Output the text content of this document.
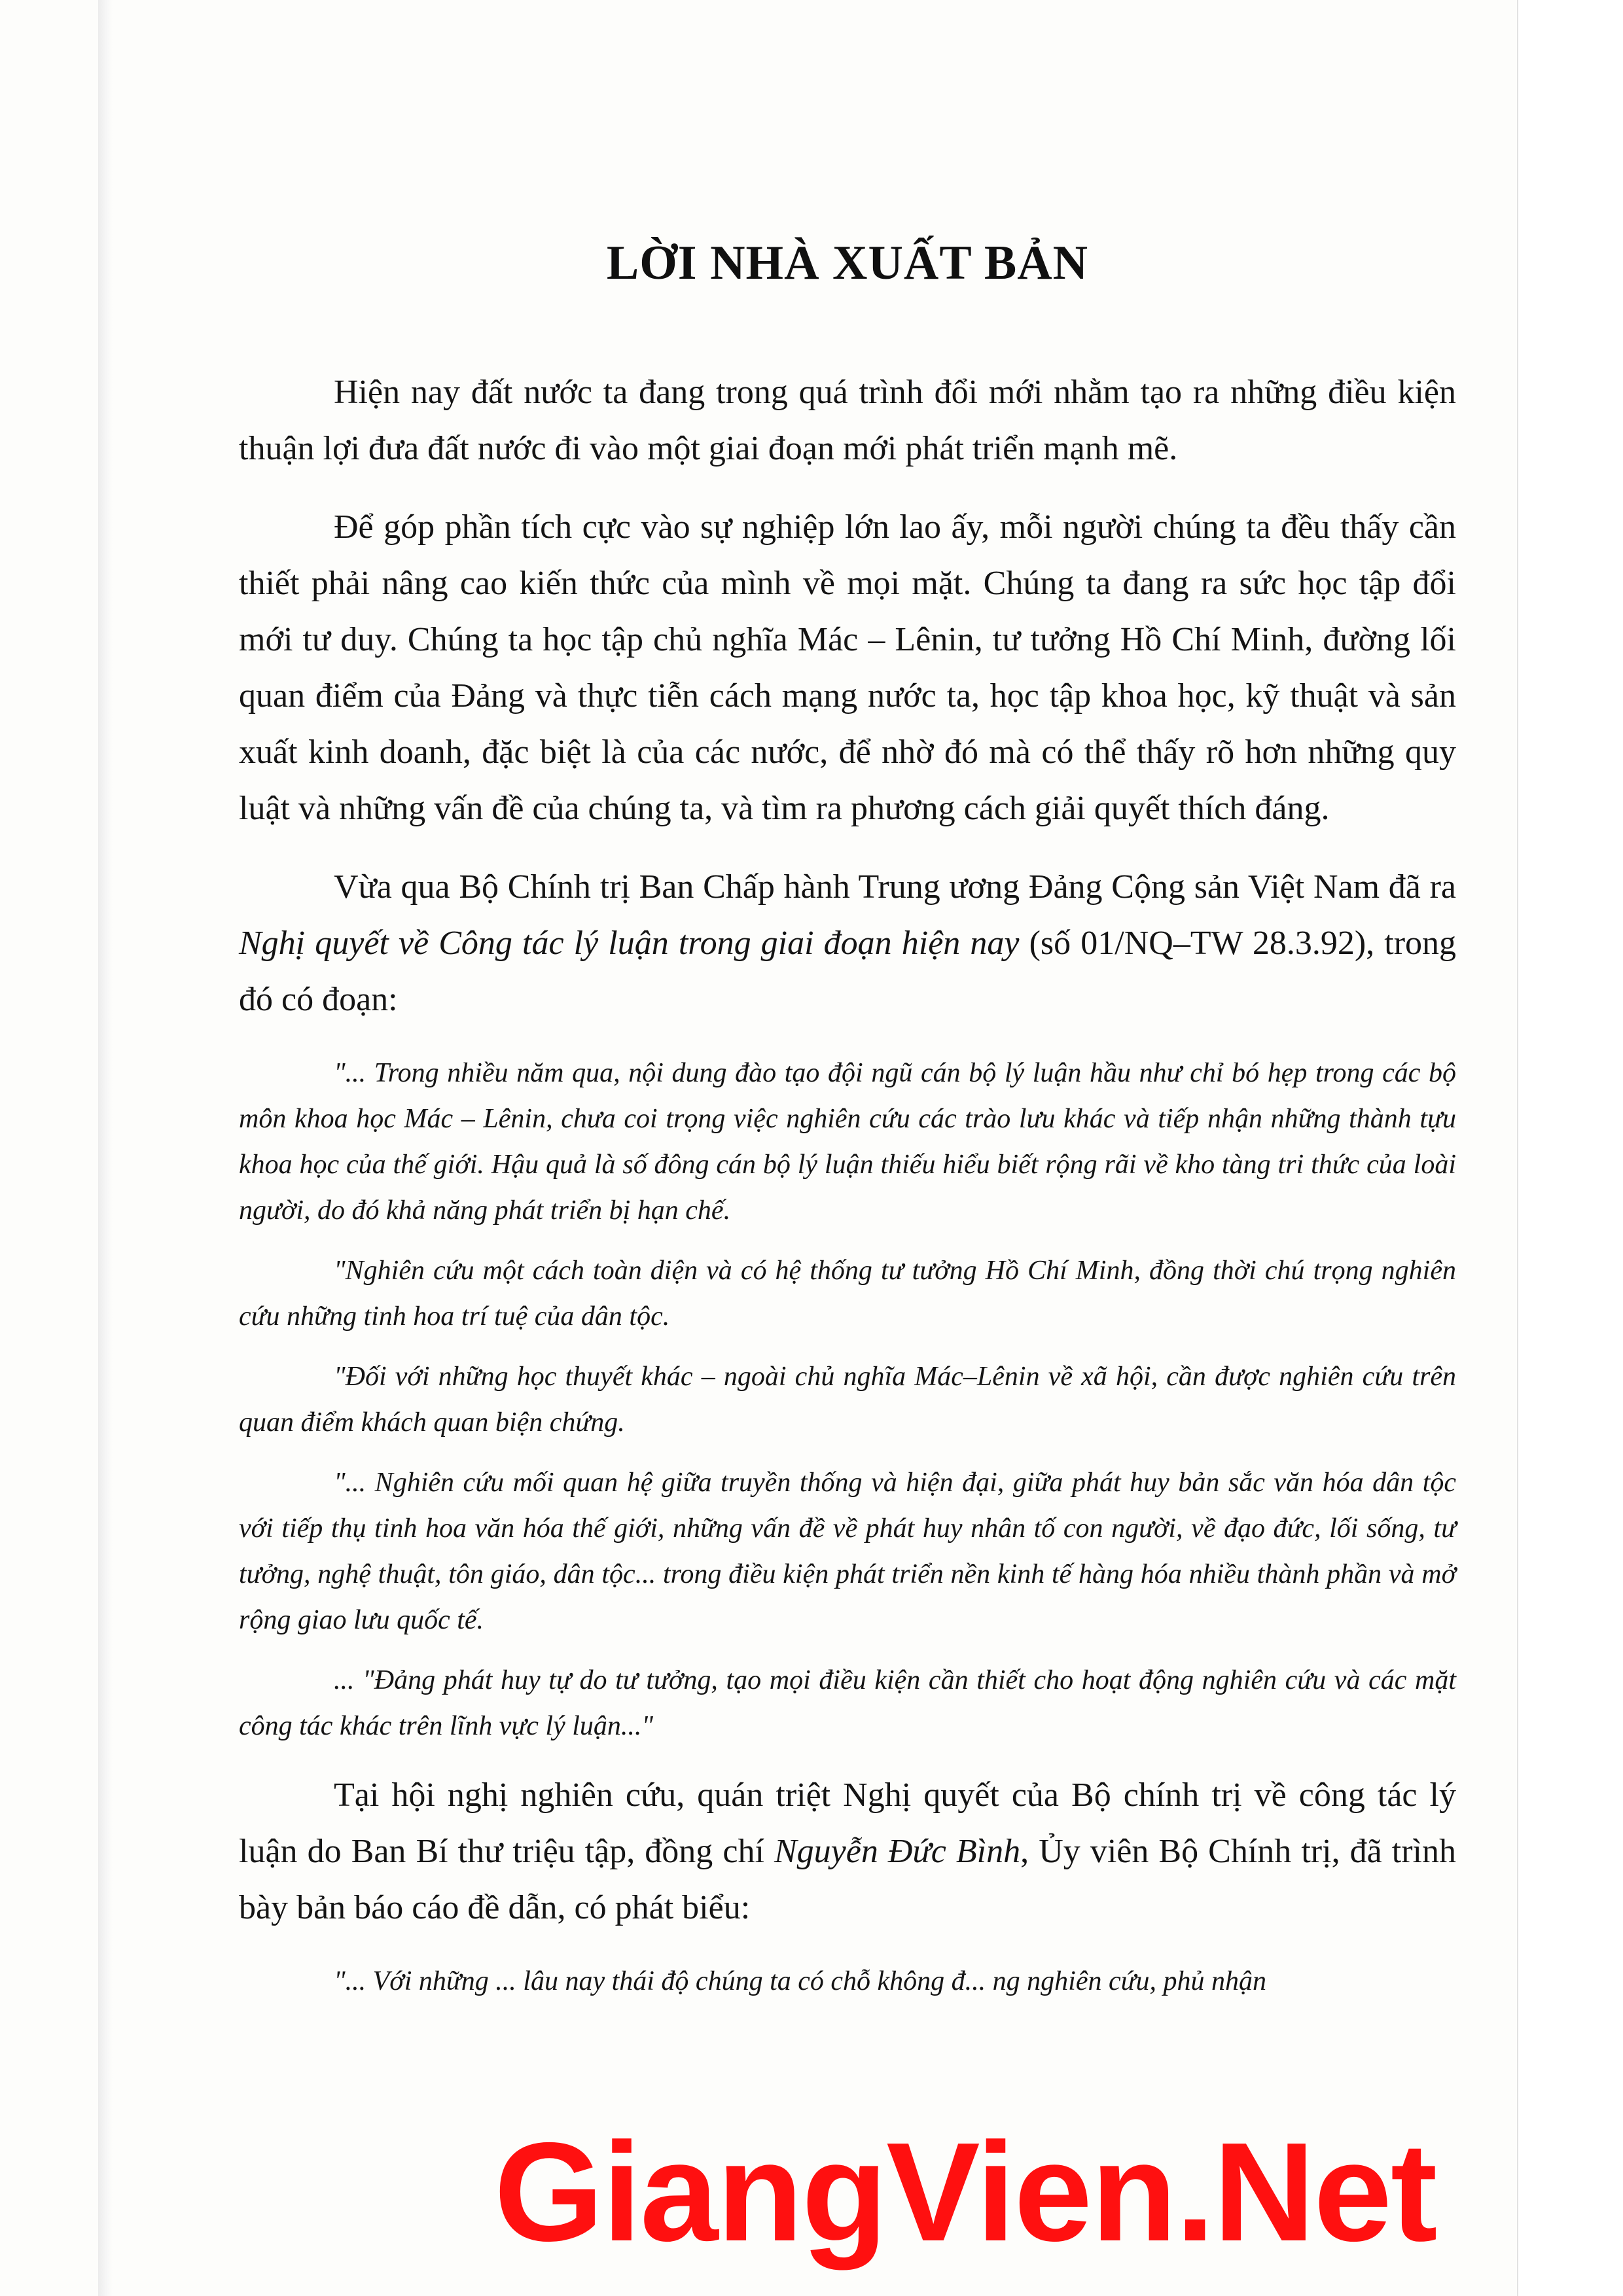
LỜI NHÀ XUẤT BẢN

Hiện nay đất nước ta đang trong quá trình đổi mới nhằm tạo ra những điều kiện thuận lợi đưa đất nước đi vào một giai đoạn mới phát triển mạnh mẽ.

Để góp phần tích cực vào sự nghiệp lớn lao ấy, mỗi người chúng ta đều thấy cần thiết phải nâng cao kiến thức của mình về mọi mặt. Chúng ta đang ra sức học tập đổi mới tư duy. Chúng ta học tập chủ nghĩa Mác – Lênin, tư tưởng Hồ Chí Minh, đường lối quan điểm của Đảng và thực tiễn cách mạng nước ta, học tập khoa học, kỹ thuật và sản xuất kinh doanh, đặc biệt là của các nước, để nhờ đó mà có thể thấy rõ hơn những quy luật và những vấn đề của chúng ta, và tìm ra phương cách giải quyết thích đáng.

Vừa qua Bộ Chính trị Ban Chấp hành Trung ương Đảng Cộng sản Việt Nam đã ra Nghị quyết về Công tác lý luận trong giai đoạn hiện nay (số 01/NQ–TW 28.3.92), trong đó có đoạn:

"... Trong nhiều năm qua, nội dung đào tạo đội ngũ cán bộ lý luận hầu như chỉ bó hẹp trong các bộ môn khoa học Mác – Lênin, chưa coi trọng việc nghiên cứu các trào lưu khác và tiếp nhận những thành tựu khoa học của thế giới. Hậu quả là số đông cán bộ lý luận thiếu hiểu biết rộng rãi về kho tàng tri thức của loài người, do đó khả năng phát triển bị hạn chế.

"Nghiên cứu một cách toàn diện và có hệ thống tư tưởng Hồ Chí Minh, đồng thời chú trọng nghiên cứu những tinh hoa trí tuệ của dân tộc.

"Đối với những học thuyết khác – ngoài chủ nghĩa Mác–Lênin về xã hội, cần được nghiên cứu trên quan điểm khách quan biện chứng.

"... Nghiên cứu mối quan hệ giữa truyền thống và hiện đại, giữa phát huy bản sắc văn hóa dân tộc với tiếp thụ tinh hoa văn hóa thế giới, những vấn đề về phát huy nhân tố con người, về đạo đức, lối sống, tư tưởng, nghệ thuật, tôn giáo, dân tộc... trong điều kiện phát triển nền kinh tế hàng hóa nhiều thành phần và mở rộng giao lưu quốc tế.

... "Đảng phát huy tự do tư tưởng, tạo mọi điều kiện cần thiết cho hoạt động nghiên cứu và các mặt công tác khác trên lĩnh vực lý luận..."

Tại hội nghị nghiên cứu, quán triệt Nghị quyết của Bộ chính trị về công tác lý luận do Ban Bí thư triệu tập, đồng chí Nguyễn Đức Bình, Ủy viên Bộ Chính trị, đã trình bày bản báo cáo đề dẫn, có phát biểu:

"... Với những ... lâu nay thái độ chúng ta có chỗ không đ... ng nghiên cứu, phủ nhận

GiangVien.Net
